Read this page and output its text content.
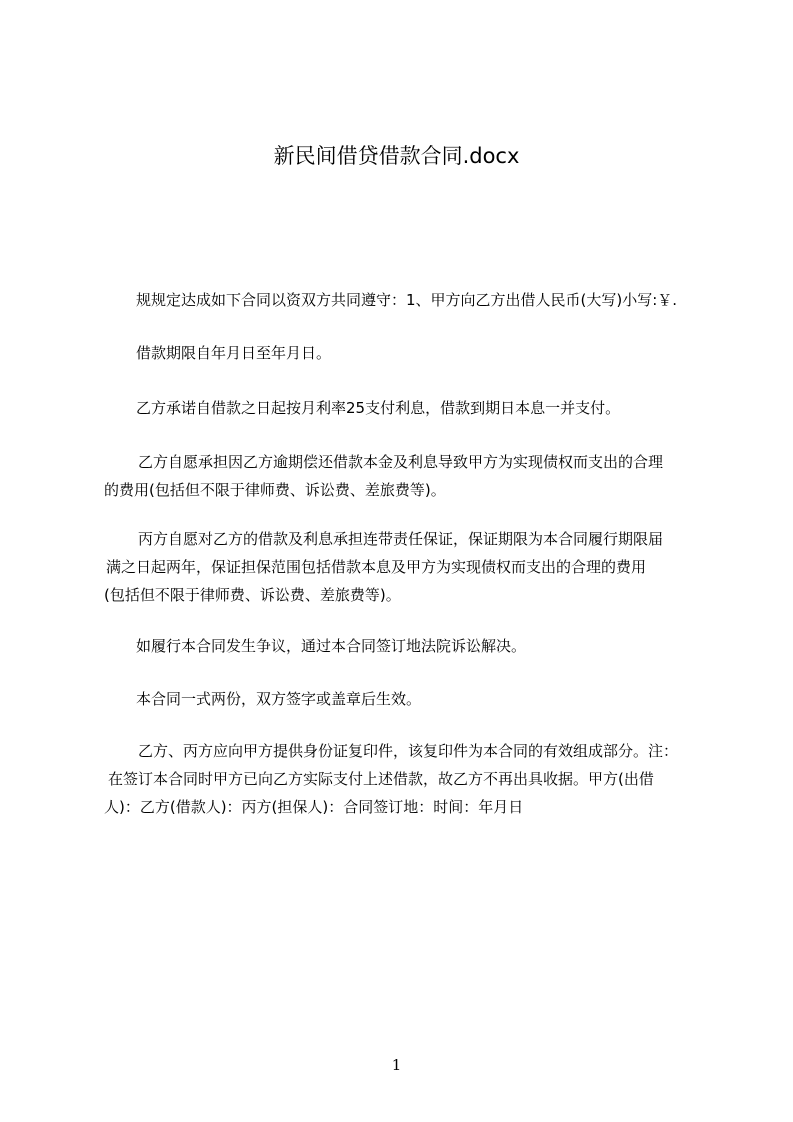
新民间借贷借款合同.docx

规规定达成如下合同以资双方共同遵守：1、甲方向乙方出借人民币(大写)小写:￥.

借款期限自年月日至年月日。

乙方承诺自借款之日起按月利率25支付利息，借款到期日本息一并支付。

乙方自愿承担因乙方逾期偿还借款本金及利息导致甲方为实现债权而支出的合理
的费用(包括但不限于律师费、诉讼费、差旅费等)。

丙方自愿对乙方的借款及利息承担连带责任保证，保证期限为本合同履行期限届
满之日起两年，保证担保范围包括借款本息及甲方为实现债权而支出的合理的费用
(包括但不限于律师费、诉讼费、差旅费等)。

如履行本合同发生争议，通过本合同签订地法院诉讼解决。

本合同一式两份，双方签字或盖章后生效。

乙方、丙方应向甲方提供身份证复印件，该复印件为本合同的有效组成部分。注：
在签订本合同时甲方已向乙方实际支付上述借款，故乙方不再出具收据。甲方(出借
人)：乙方(借款人)：丙方(担保人)：合同签订地：时间：年月日

1
